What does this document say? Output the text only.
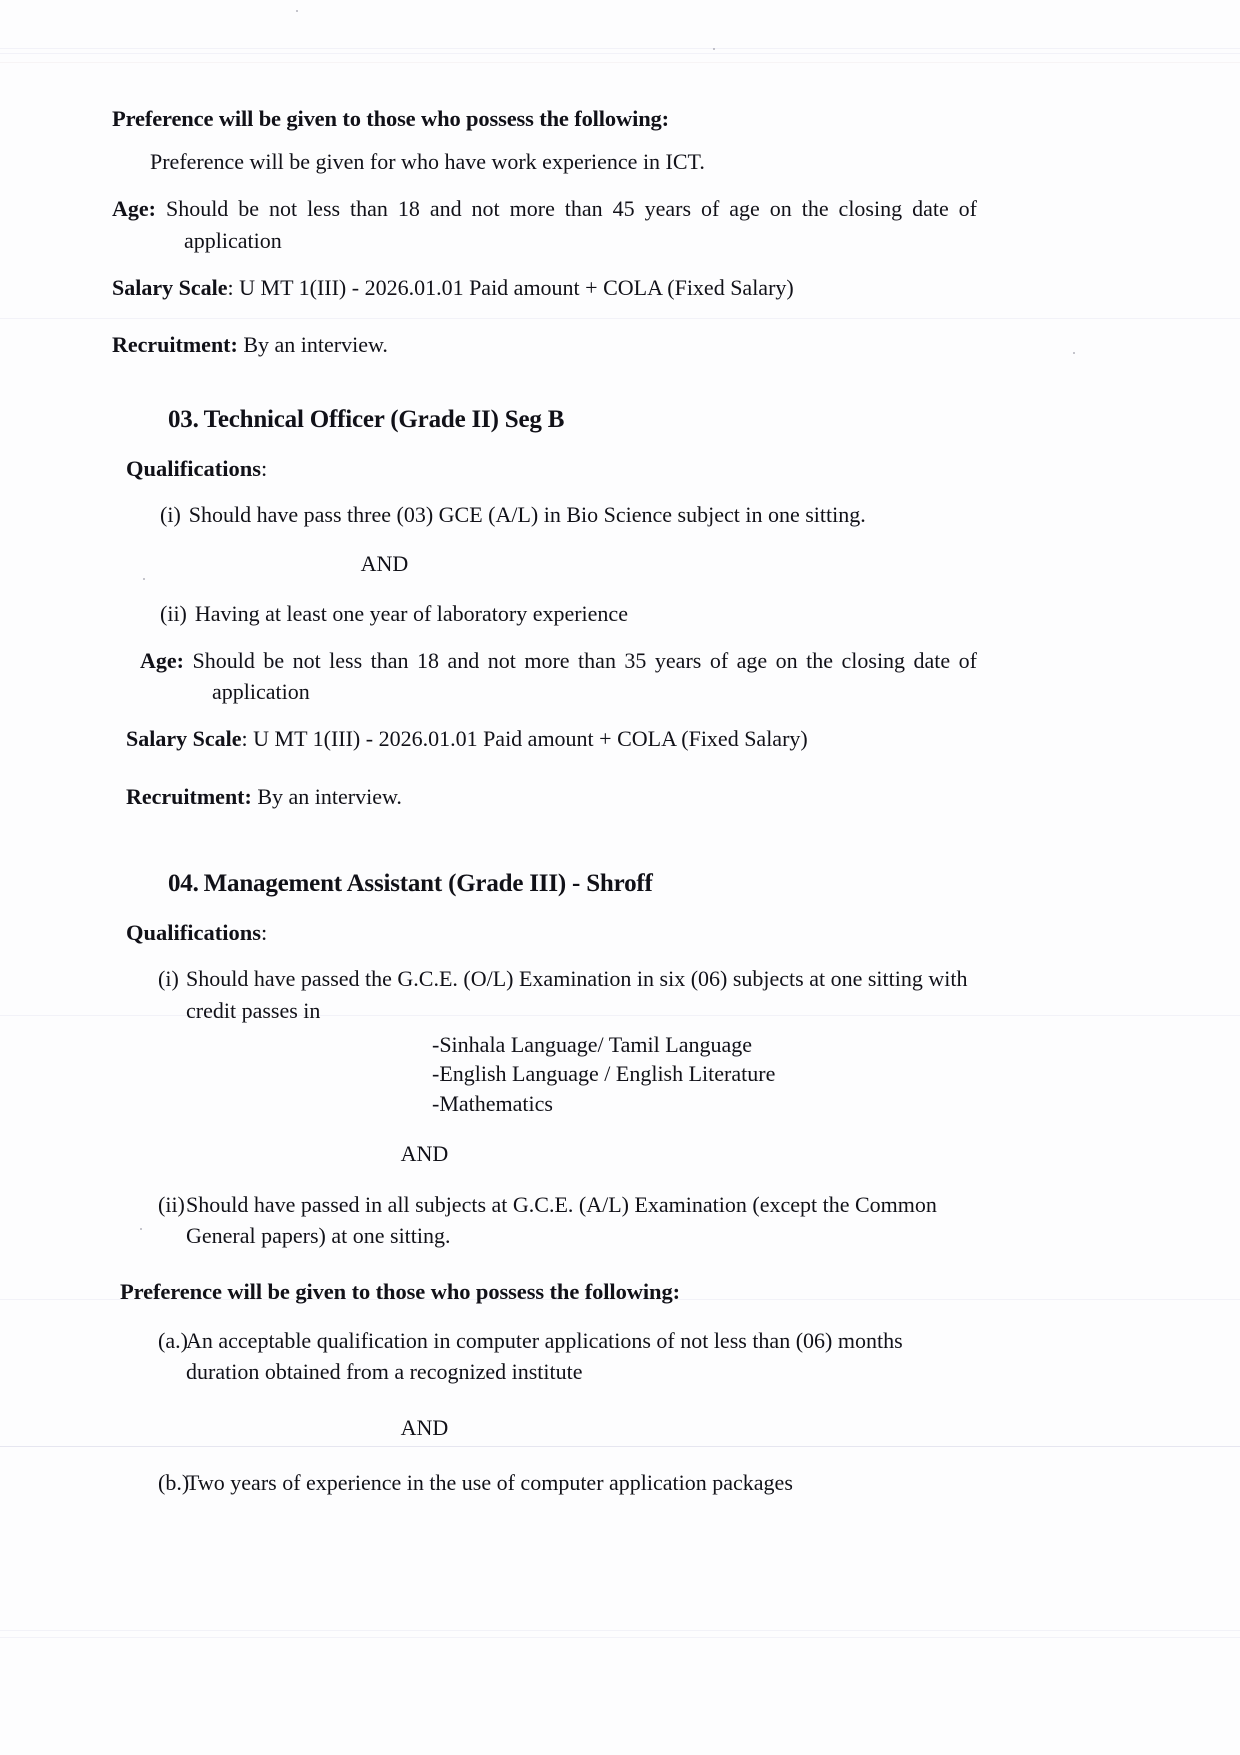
Preference will be given to those who possess the following:
Preference will be given for who have work experience in ICT.

Age: Should be not less than 18 and not more than 45 years of age on the closing date of application

Salary Scale: U MT 1(III) - 2026.01.01 Paid amount + COLA (Fixed Salary)

Recruitment: By an interview.

03. Technical Officer (Grade II) Seg B
Qualifications:

(i) Should have pass three (03) GCE (A/L) in Bio Science subject in one sitting.

AND

(ii) Having at least one year of laboratory experience

Age: Should be not less than 18 and not more than 35 years of age on the closing date of application

Salary Scale: U MT 1(III) - 2026.01.01 Paid amount + COLA (Fixed Salary)

Recruitment: By an interview.

04. Management Assistant (Grade III) - Shroff
Qualifications:
(i) Should have passed the G.C.E. (O/L) Examination in six (06) subjects at one sitting with credit passes in
-Sinhala Language/ Tamil Language
-English Language / English Literature
-Mathematics
AND
(ii) Should have passed in all subjects at G.C.E. (A/L) Examination (except the Common General papers) at one sitting.
Preference will be given to those who possess the following:
(a.)
An acceptable qualification in computer applications of not less than (06) months duration obtained from a recognized institute
AND
(b.)
Two years of experience in the use of computer application packages
